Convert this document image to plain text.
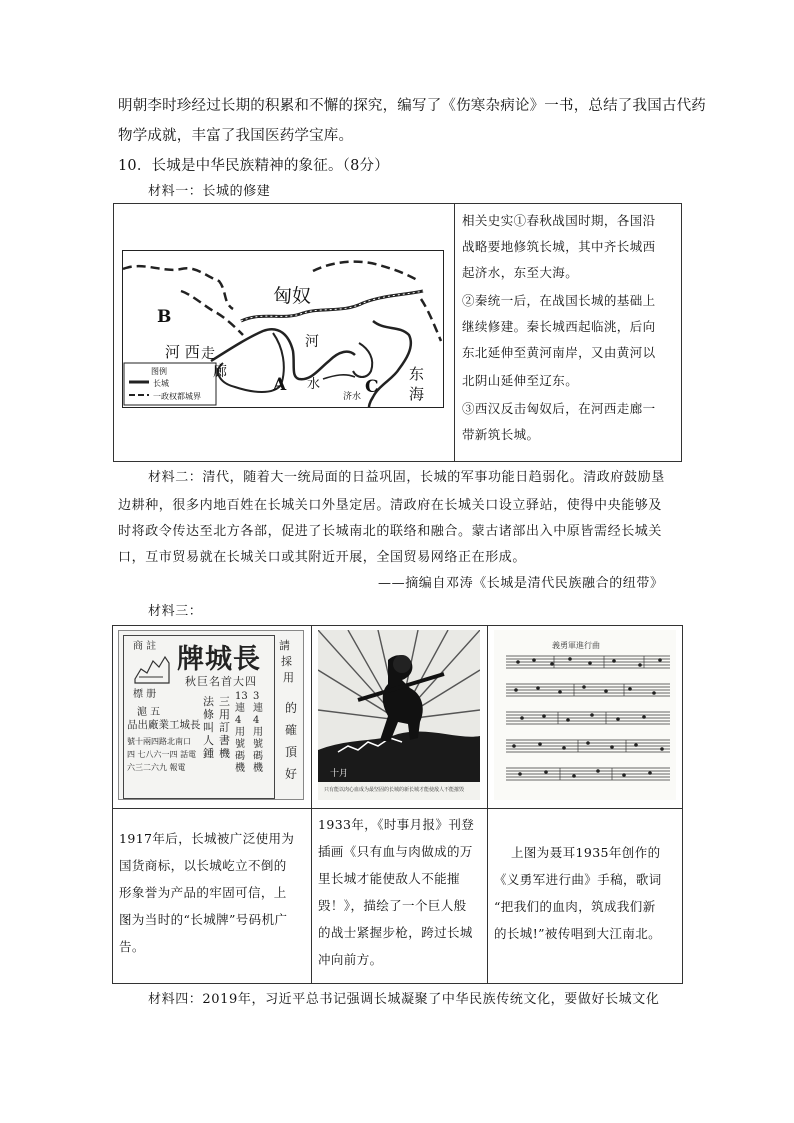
明朝李时珍经过长期的积累和不懈的探究，编写了《伤寒杂病论》一书，总结了我国古代药
物学成就，丰富了我国医药学宝库。
10．长城是中华民族精神的象征。（8分）
材料一：长城的修建
匈奴
B
河 西 走
廊
A
河
水	C
济水
东
海
图例
长城
一政权都城界
相关史实①春秋战国时期，各国沿
战略要地修筑长城，其中齐长城西
起济水，东至大海。
②秦统一后，在战国长城的基础上
继续修建。秦长城西起临洮，后向
东北延伸至黄河南岸，又由黄河以
北阴山延伸至辽东。
③西汉反击匈奴后，在河西走廊一
带新筑长城。
材料二：清代，随着大一统局面的日益巩固，长城的军事功能日趋弱化。清政府鼓励垦
边耕种，很多内地百姓在长城关口外垦定居。清政府在长城关口设立驿站，使得中央能够及
时将政令传达至北方各部，促进了长城南北的联络和融合。蒙古诸部出入中原皆需经长城关
口，互市贸易就在长城关口或其附近开展，全国贸易网络正在形成。
——摘编自邓涛《长城是清代民族融合的纽带》
材料三：
商 註
標 册
牌城長
秋巨名首大四
滬 五
品出廠業工城長
號十兩四路北南口四 七八六一四 話電 六三二六九 報電
法條叫人鍾
三用訂書機
13連4用號碼機
3連4用號碼機
請
採
用
的
確
頂
好	十月
只有能以肉心血成为最坚固的长城的新长城才能使敌人不能摧毁
義勇軍進行曲
1917年后，长城被广泛使用为
国货商标，以长城屹立不倒的
形象誉为产品的牢固可信，上
图为当时的“长城牌”号码机广
告。
1933年，《时事月报》刊登
插画《只有血与肉做成的万
里长城才能使敌人不能摧
毁！》，描绘了一个巨人般
的战士紧握步枪，跨过长城
冲向前方。
上图为聂耳1935年创作的
《义勇军进行曲》手稿，歌词
“把我们的血肉，筑成我们新
的长城!”被传唱到大江南北。
材料四：2019年，习近平总书记强调长城凝聚了中华民族传统文化，要做好长城文化
